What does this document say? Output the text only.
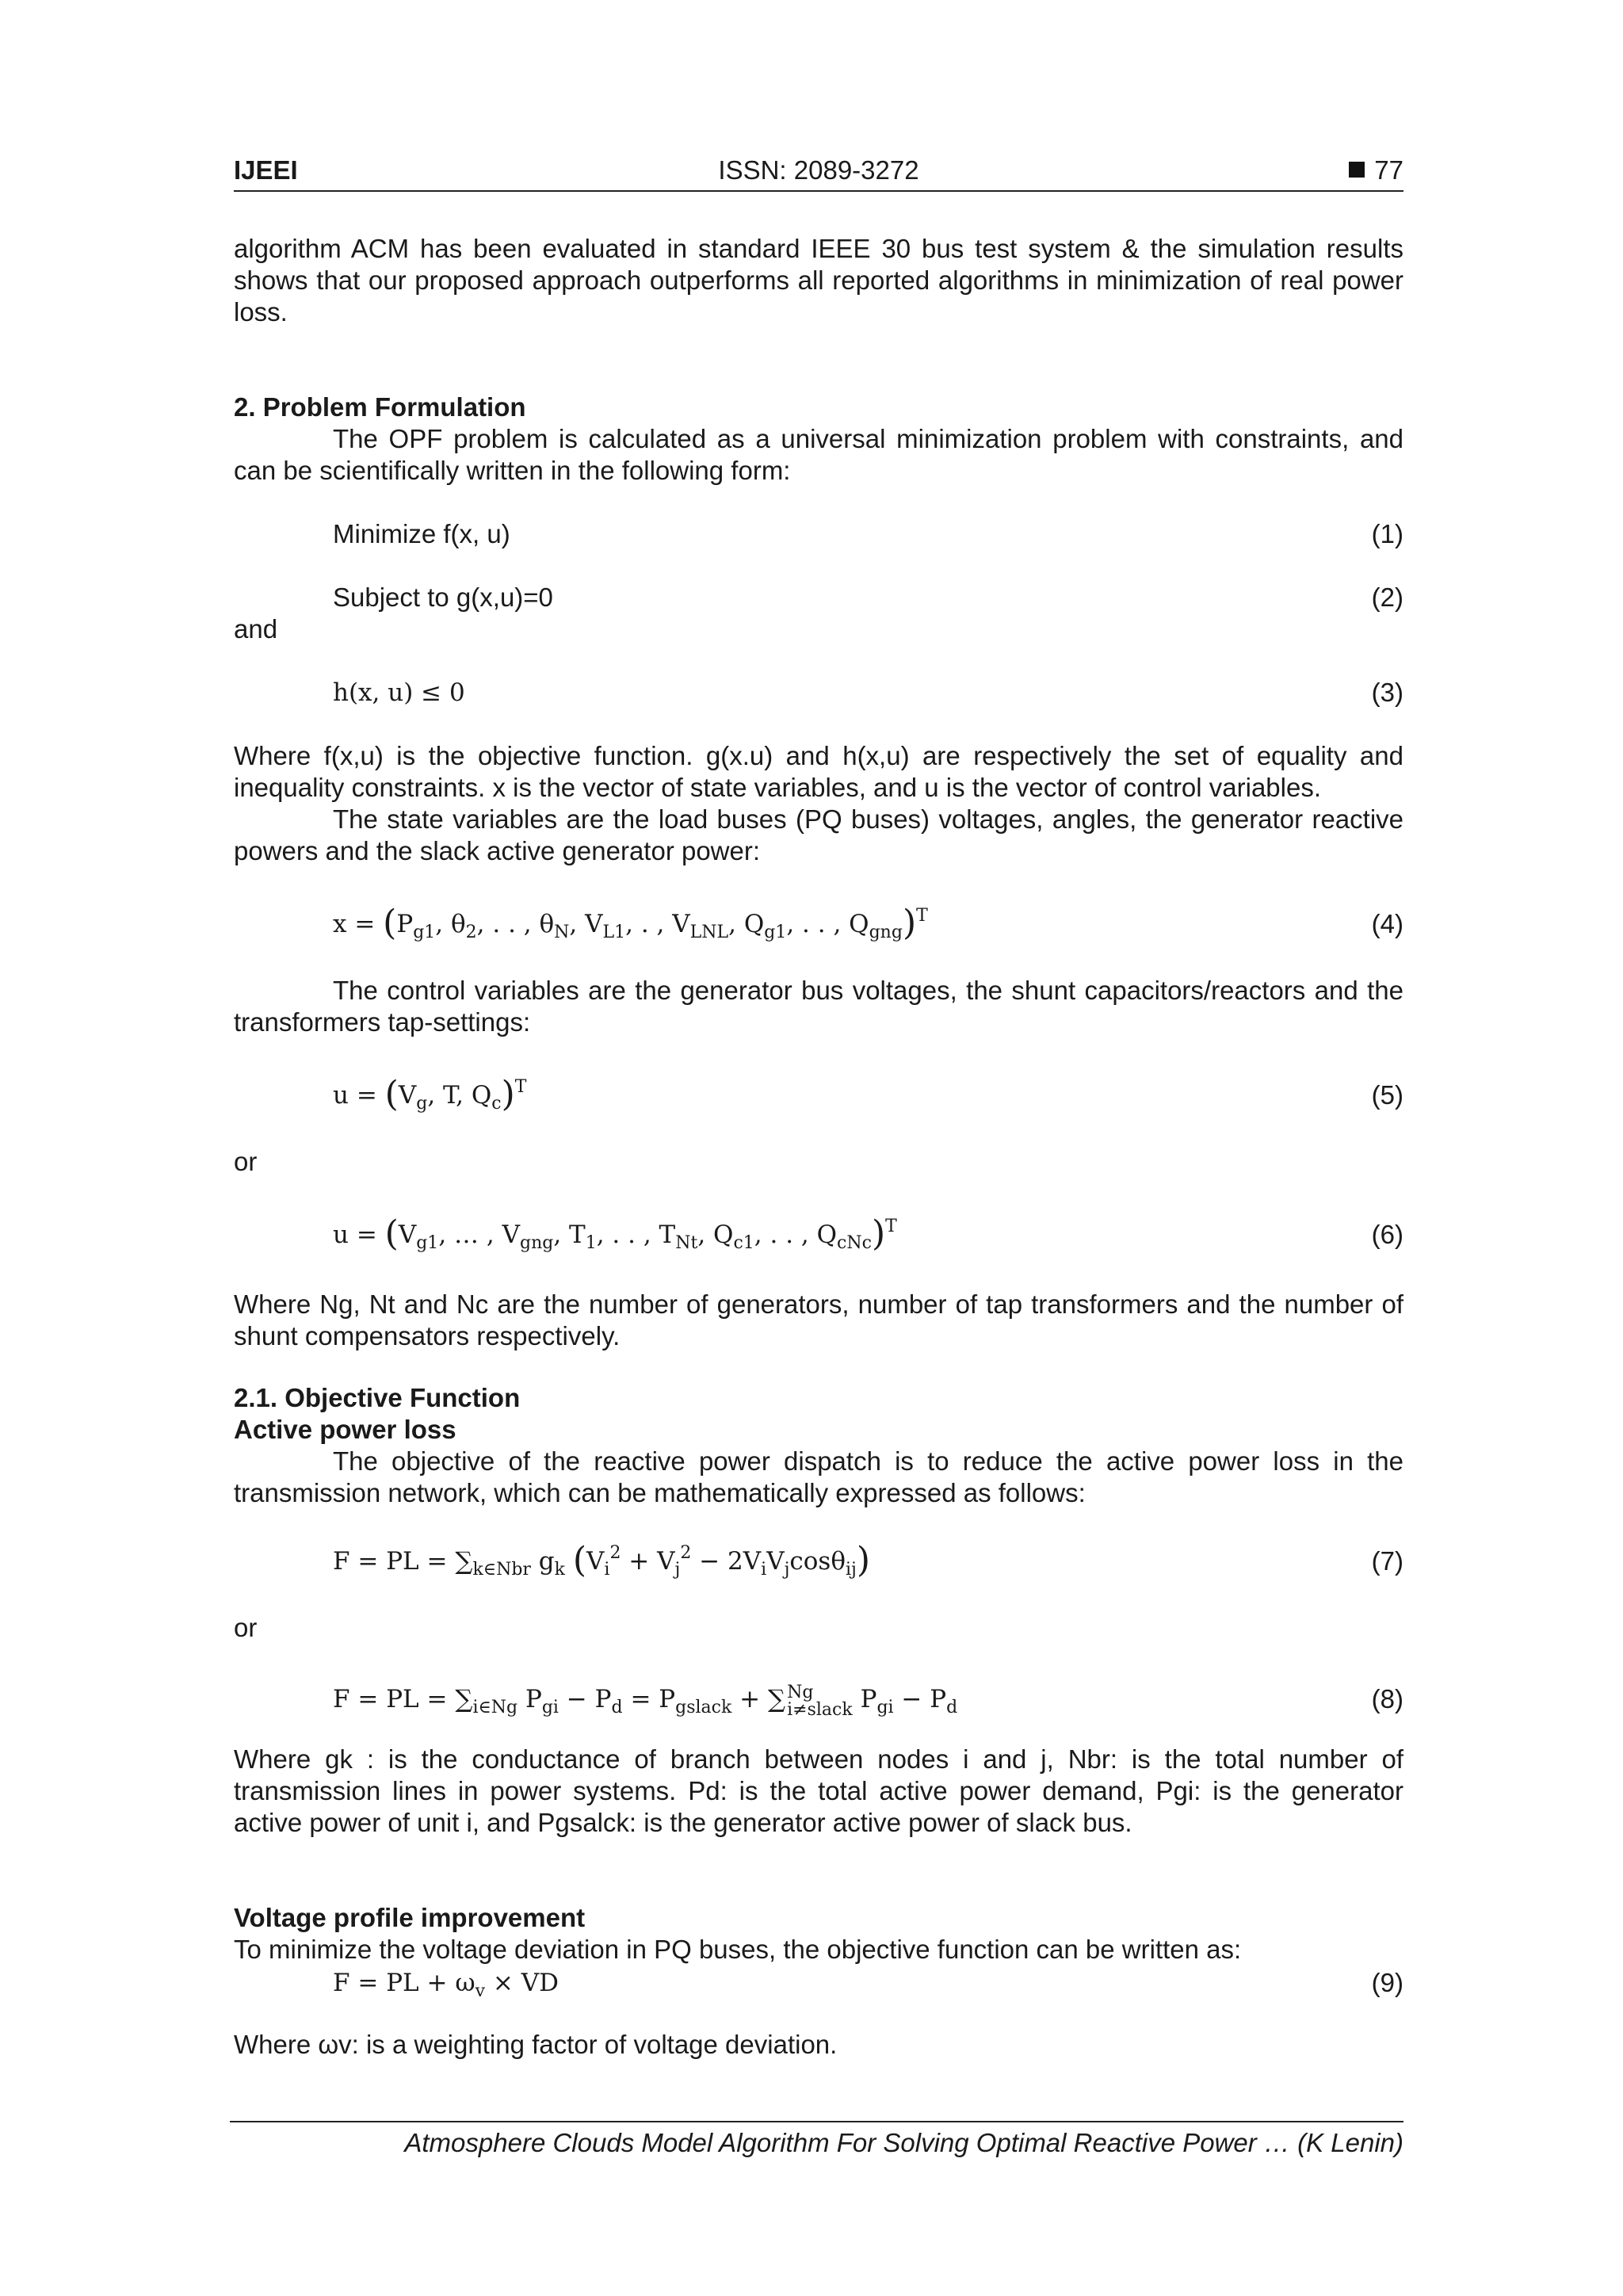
IJEEI	ISSN: 2089-3272	77
algorithm ACM has been evaluated in standard IEEE 30 bus test system & the simulation results shows that our proposed approach outperforms all reported algorithms in minimization of real power loss.
2. Problem Formulation
The OPF problem is calculated as a universal minimization problem with constraints, and can be scientifically written in the following form:
Minimize f(x, u)	(1)
Subject to g(x,u)=0	(2)
and
h(x, u) ≤ 0	(3)
Where f(x,u) is the objective function. g(x.u) and h(x,u) are respectively the set of equality and inequality constraints. x is the vector of state variables, and u is the vector of control variables.
The state variables are the load buses (PQ buses) voltages, angles, the generator reactive powers and the slack active generator power:
$x = (P_{g1}$, $\theta_2$, . . , $\theta_N$, $V_{L1}$, . , $V_{LNL}$, $Q_{g1}$, . . , $Q_{gng})^T$	(4)
The control variables are the generator bus voltages, the shunt capacitors/reactors and the transformers tap-settings:
$u = (V_g$, T, $Q_c)^T$	(5)
or
$u = (V_{g1}$, … , $V_{gng}$, $T_1$, . . , $T_{Nt}$, $Q_{c1}$, . . , $Q_{cNc})^T$	(6)
Where Ng, Nt and Nc are the number of generators, number of tap transformers and the number of shunt compensators respectively.
2.1. Objective Function
Active power loss
The objective of the reactive power dispatch is to reduce the active power loss in the transmission network, which can be mathematically expressed as follows:
F = PL = $\sum_{k\in Nbr}$ $g_k$ $(V_i^2 + V_j^2 - 2V_iV_j\cos\theta_{ij})$	(7)
or
F = PL = $\sum_{i\in Ng}$ $P_{gi} - P_d = P_{gslack}$ + ∑ Ng
i≠slack $P_{gi} - P_d$	(8)
Where gk : is the conductance of branch between nodes i and j, Nbr: is the total number of transmission lines in power systems. Pd: is the total active power demand, Pgi: is the generator active power of unit i, and Pgsalck: is the generator active power of slack bus.
Voltage profile improvement
To minimize the voltage deviation in PQ buses, the objective function can be written as:
F = PL + $\omega_v$ × VD	(9)
Where ωv: is a weighting factor of voltage deviation.
Atmosphere Clouds Model Algorithm For Solving Optimal Reactive Power … (K Lenin)
